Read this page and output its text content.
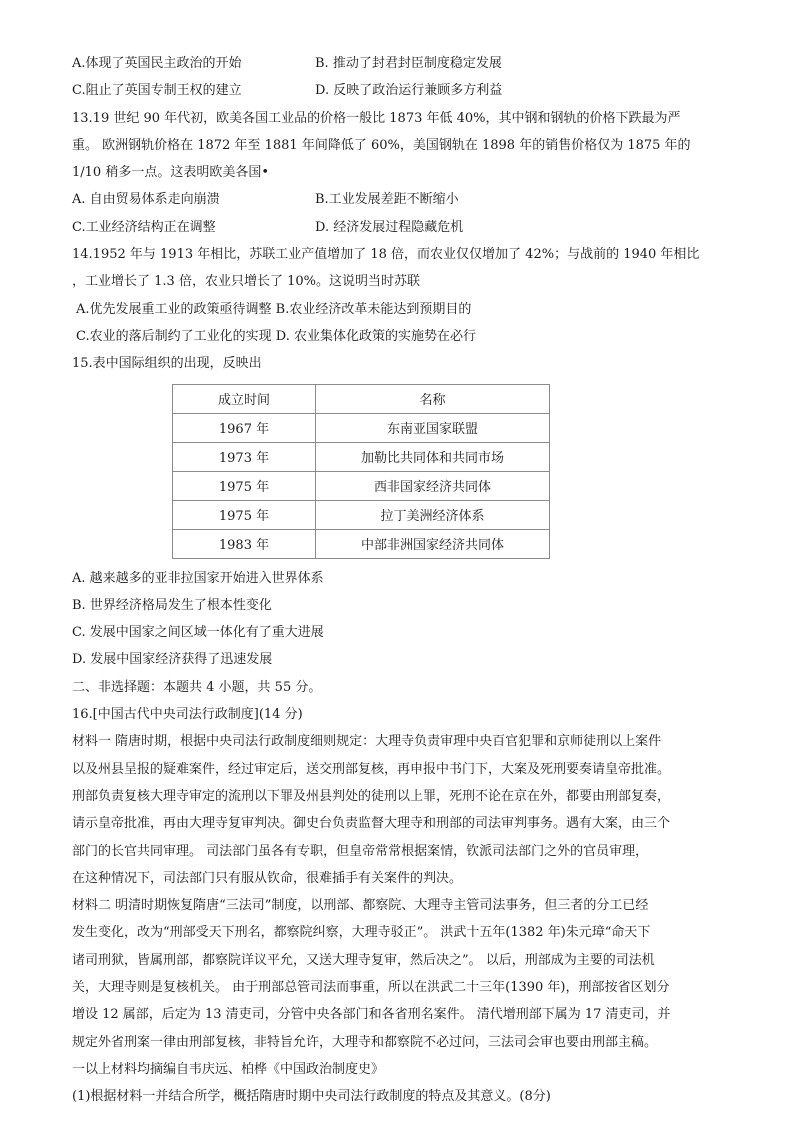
A.体现了英国民主政治的开始	B. 推动了封君封臣制度稳定发展
C.阻止了英国专制王权的建立	D. 反映了政治运行兼顾多方利益
13.19 世纪 90 年代初，欧美各国工业品的价格一般比 1873 年低 40%，其中钢和钢轨的价格下跌最为严
重。 欧洲钢轨价格在 1872 年至 1881 年间降低了 60%，美国钢轨在 1898 年的销售价格仅为 1875 年的
1/10 稍多一点。这表明欧美各国•
A. 自由贸易体系走向崩溃	B.工业发展差距不断缩小
C.工业经济结构正在调整	D. 经济发展过程隐藏危机
14.1952 年与 1913 年相比，苏联工业产值增加了 18 倍，而农业仅仅增加了 42%；与战前的 1940 年相比
，工业增长了 1.3 倍，农业只增长了 10%。这说明当时苏联
A.优先发展重工业的政策亟待调整 B.农业经济改革未能达到预期目的
C.农业的落后制约了工业化的实现 D. 农业集体化政策的实施势在必行
15.表中国际组织的出现，反映出
成立时间	名称
1967 年	东南亚国家联盟
1973 年	加勒比共同体和共同市场
1975 年	西非国家经济共同体
1975 年	拉丁美洲经济体系
1983 年	中部非洲国家经济共同体
A. 越来越多的亚非拉国家开始进入世界体系
B. 世界经济格局发生了根本性变化
C. 发展中国家之间区域一体化有了重大进展
D. 发展中国家经济获得了迅速发展
二、非选择题：本题共 4 小题，共 55 分。
16.[中国古代中央司法行政制度](14 分)
材料一 隋唐时期，根据中央司法行政制度细则规定：大理寺负责审理中央百官犯罪和京师徒刑以上案件
以及州县呈报的疑难案件，经过审定后，送交刑部复核，再申报中书门下，大案及死刑要奏请皇帝批准。
刑部负责复核大理寺审定的流刑以下罪及州县判处的徒刑以上罪，死刑不论在京在外，都要由刑部复奏，
请示皇帝批准，再由大理寺复审判决。御史台负责监督大理寺和刑部的司法审判事务。遇有大案，由三个
部门的长官共同审理。 司法部门虽各有专职，但皇帝常常根据案情，钦派司法部门之外的官员审理，
在这种情况下，司法部门只有服从钦命，很难插手有关案件的判决。
材料二 明清时期恢复隋唐“三法司”制度，以刑部、都察院、大理寺主管司法事务，但三者的分工已经
发生变化，改为“刑部受天下刑名，都察院纠察，大理寺驳正”。 洪武十五年(1382 年)朱元璋“命天下
诸司刑狱，皆属刑部，都察院详议平允，又送大理寺复审，然后决之”。 以后，刑部成为主要的司法机
关，大理寺则是复核机关。 由于刑部总管司法而事重，所以在洪武二十三年(1390 年)，刑部按省区划分
增设 12 属部，后定为 13 清吏司，分管中央各部门和各省刑名案件。 清代增刑部下属为 17 清吏司，并
规定外省刑案一律由刑部复核，非特旨允许，大理寺和都察院不必过问，三法司会审也要由刑部主稿。
一以上材料均摘编自韦庆远、柏桦《中国政治制度史》
(1)根据材料一并结合所学，概括隋唐时期中央司法行政制度的特点及其意义。(8分)
